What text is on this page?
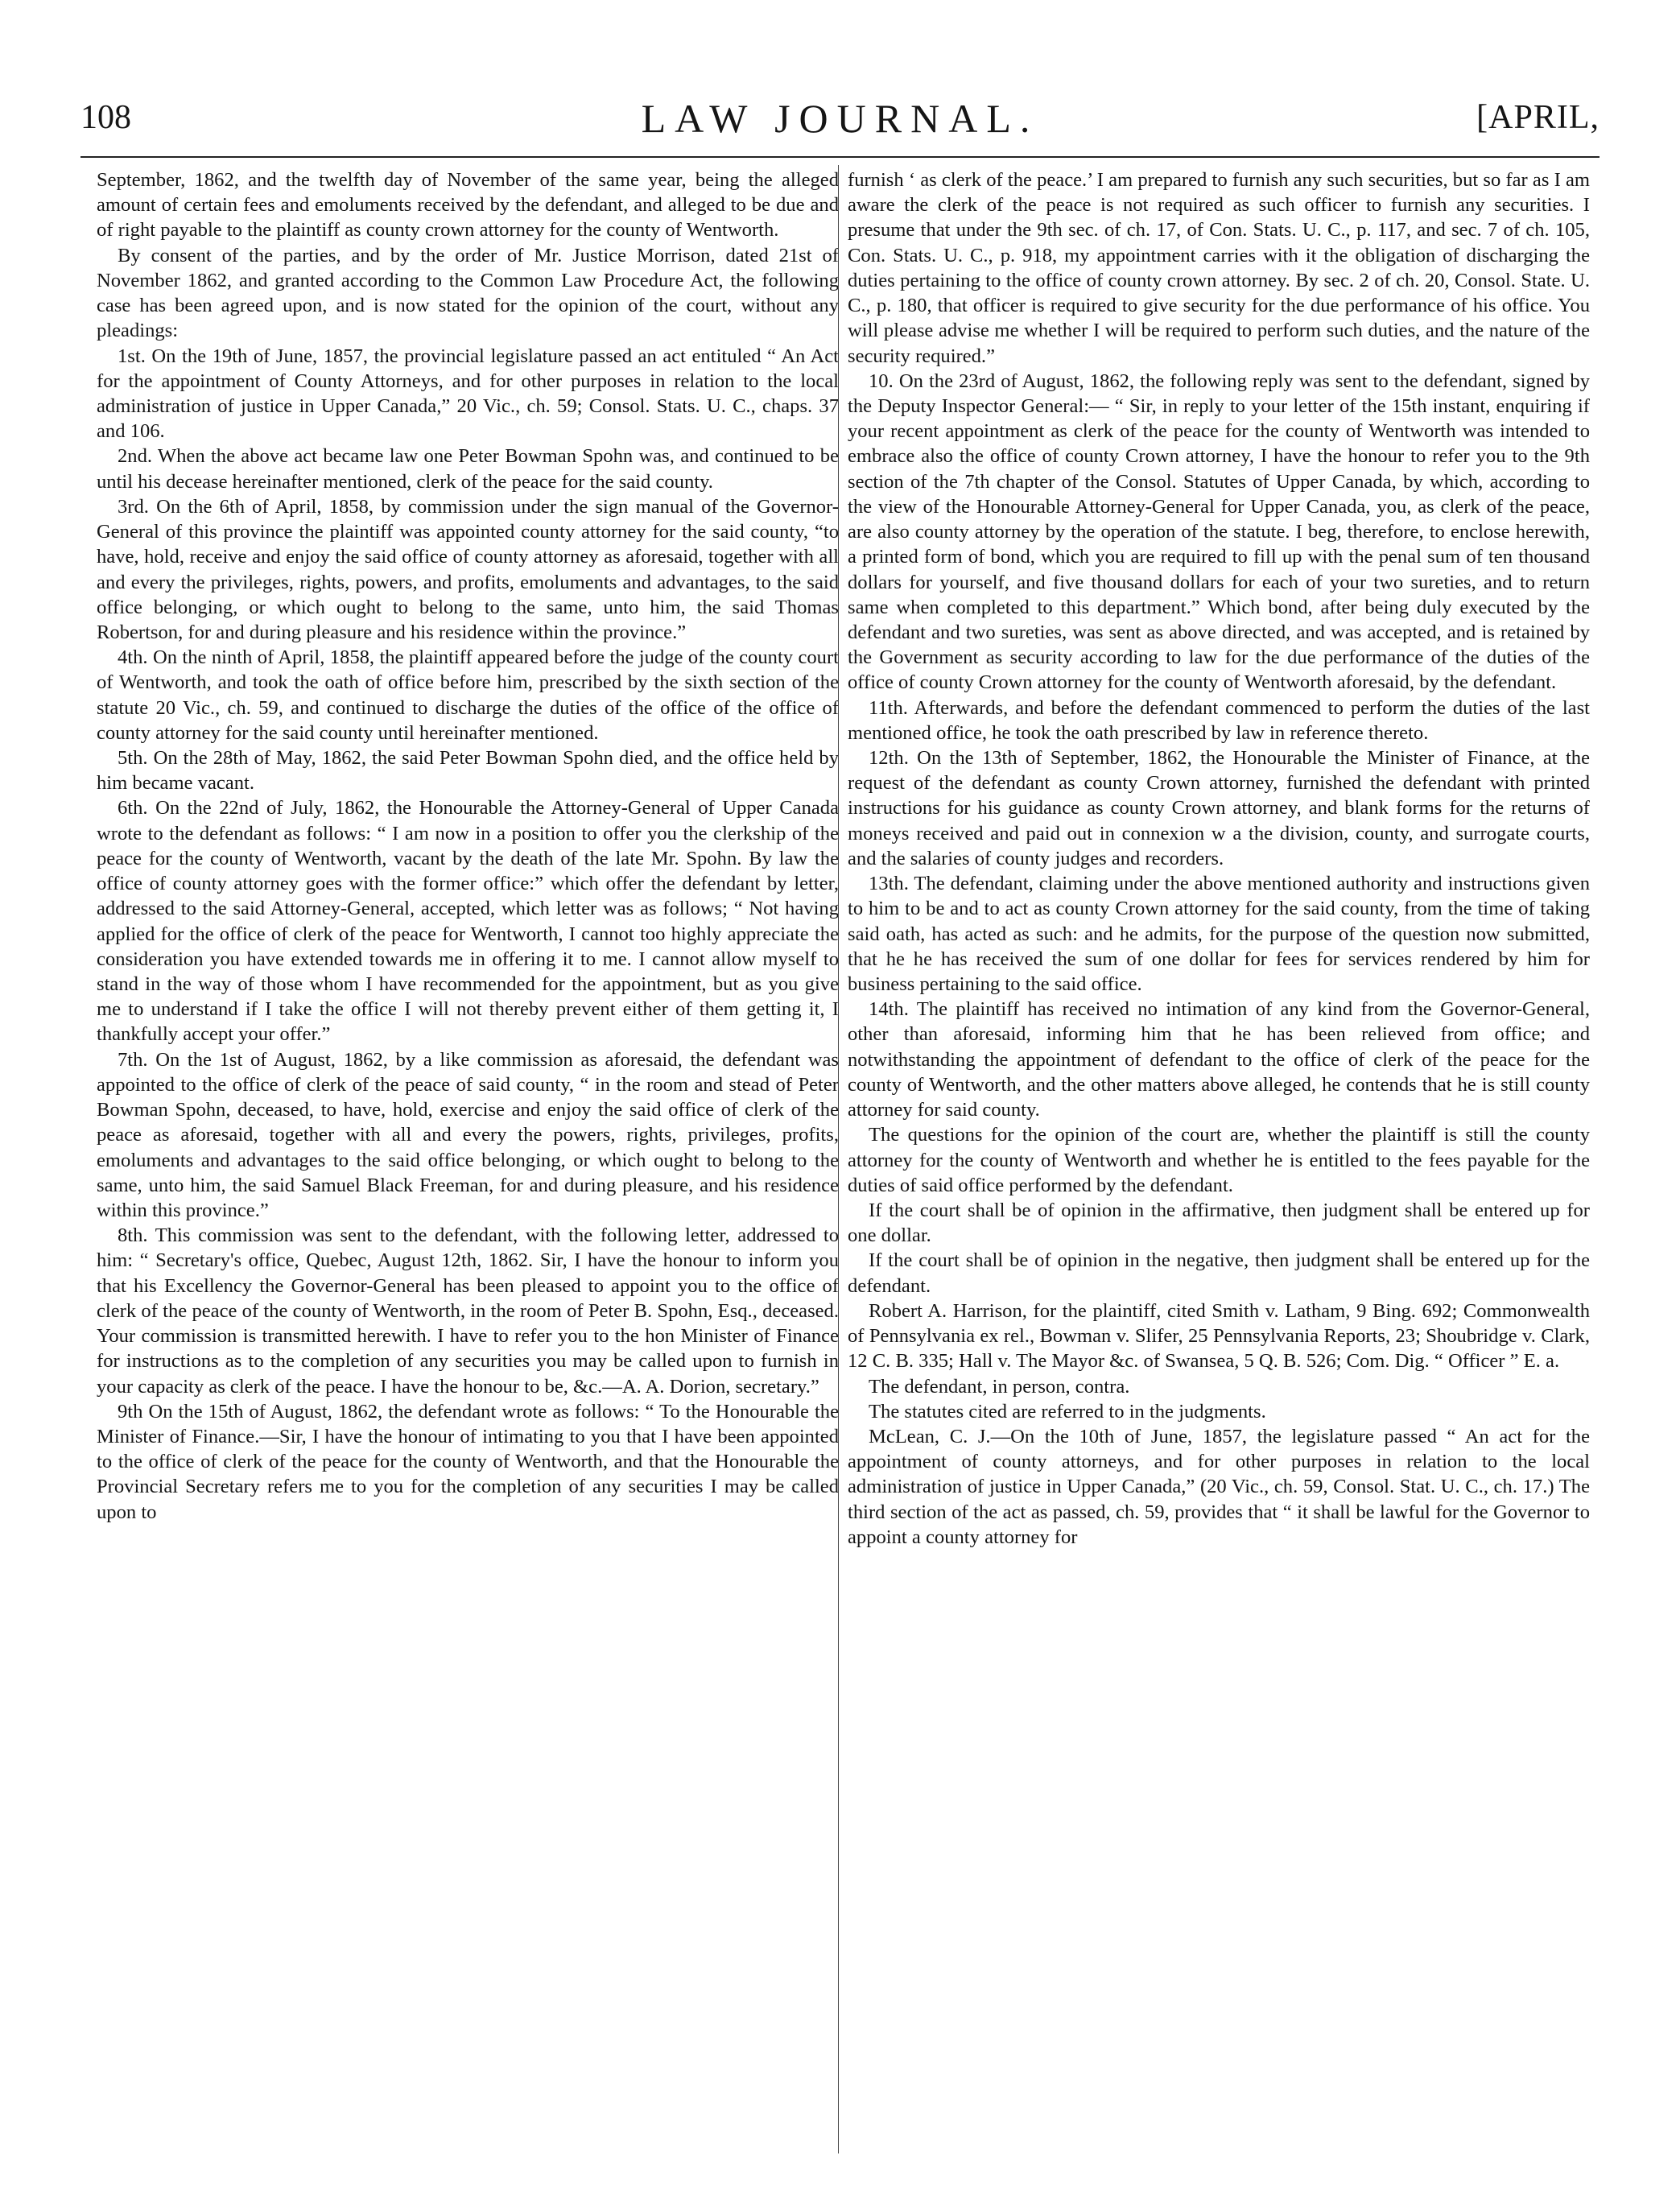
108	LAW JOURNAL.	[APRIL,

September, 1862, and the twelfth day of November of the same year, being the alleged amount of certain fees and emoluments received by the defendant, and alleged to be due and of right payable to the plaintiff as county crown attorney for the county of Wentworth.

By consent of the parties, and by the order of Mr. Justice Morrison, dated 21st of November 1862, and granted according to the Common Law Procedure Act, the following case has been agreed upon, and is now stated for the opinion of the court, without any pleadings:

1st. On the 19th of June, 1857, the provincial legislature passed an act entituled “ An Act for the appointment of County Attorneys, and for other purposes in relation to the local administration of justice in Upper Canada,” 20 Vic., ch. 59; Consol. Stats. U. C., chaps. 37 and 106.

2nd. When the above act became law one Peter Bowman Spohn was, and continued to be until his decease hereinafter mentioned, clerk of the peace for the said county.

3rd. On the 6th of April, 1858, by commission under the sign manual of the Governor-General of this province the plaintiff was appointed county attorney for the said county, “to have, hold, receive and enjoy the said office of county attorney as aforesaid, together with all and every the privileges, rights, powers, and profits, emoluments and advantages, to the said office belonging, or which ought to belong to the same, unto him, the said Thomas Robertson, for and during pleasure and his residence within the province.”

4th. On the ninth of April, 1858, the plaintiff appeared before the judge of the county court of Wentworth, and took the oath of office before him, prescribed by the sixth section of the statute 20 Vic., ch. 59, and continued to discharge the duties of the office of the office of county attorney for the said county until hereinafter mentioned.

5th. On the 28th of May, 1862, the said Peter Bowman Spohn died, and the office held by him became vacant.

6th. On the 22nd of July, 1862, the Honourable the Attorney-General of Upper Canada wrote to the defendant as follows: “ I am now in a position to offer you the clerkship of the peace for the county of Wentworth, vacant by the death of the late Mr. Spohn. By law the office of county attorney goes with the former office:” which offer the defendant by letter, addressed to the said Attorney-General, accepted, which letter was as follows; “ Not having applied for the office of clerk of the peace for Wentworth, I cannot too highly appreciate the consideration you have extended towards me in offering it to me. I cannot allow myself to stand in the way of those whom I have recommended for the appointment, but as you give me to understand if I take the office I will not thereby prevent either of them getting it, I thankfully accept your offer.”

7th. On the 1st of August, 1862, by a like commission as aforesaid, the defendant was appointed to the office of clerk of the peace of said county, “ in the room and stead of Peter Bowman Spohn, deceased, to have, hold, exercise and enjoy the said office of clerk of the peace as aforesaid, together with all and every the powers, rights, privileges, profits, emoluments and advantages to the said office belonging, or which ought to belong to the same, unto him, the said Samuel Black Freeman, for and during pleasure, and his residence within this province.”

8th. This commission was sent to the defendant, with the following letter, addressed to him: “ Secretary's office, Quebec, August 12th, 1862. Sir, I have the honour to inform you that his Excellency the Governor-General has been pleased to appoint you to the office of clerk of the peace of the county of Wentworth, in the room of Peter B. Spohn, Esq., deceased. Your commission is transmitted herewith. I have to refer you to the hon Minister of Finance for instructions as to the completion of any securities you may be called upon to furnish in your capacity as clerk of the peace. I have the honour to be, &c.—A. A. Dorion, secretary.”

9th On the 15th of August, 1862, the defendant wrote as follows: “ To the Honourable the Minister of Finance.—Sir, I have the honour of intimating to you that I have been appointed to the office of clerk of the peace for the county of Wentworth, and that the Honourable the Provincial Secretary refers me to you for the completion of any securities I may be called upon to

furnish ‘ as clerk of the peace.’ I am prepared to furnish any such securities, but so far as I am aware the clerk of the peace is not required as such officer to furnish any securities. I presume that under the 9th sec. of ch. 17, of Con. Stats. U. C., p. 117, and sec. 7 of ch. 105, Con. Stats. U. C., p. 918, my appointment carries with it the obligation of discharging the duties pertaining to the office of county crown attorney. By sec. 2 of ch. 20, Consol. State. U. C., p. 180, that officer is required to give security for the due performance of his office. You will please advise me whether I will be required to perform such duties, and the nature of the security required.”

10. On the 23rd of August, 1862, the following reply was sent to the defendant, signed by the Deputy Inspector General:— “ Sir, in reply to your letter of the 15th instant, enquiring if your recent appointment as clerk of the peace for the county of Wentworth was intended to embrace also the office of county Crown attorney, I have the honour to refer you to the 9th section of the 7th chapter of the Consol. Statutes of Upper Canada, by which, according to the view of the Honourable Attorney-General for Upper Canada, you, as clerk of the peace, are also county attorney by the operation of the statute. I beg, therefore, to enclose herewith, a printed form of bond, which you are required to fill up with the penal sum of ten thousand dollars for yourself, and five thousand dollars for each of your two sureties, and to return same when completed to this department.” Which bond, after being duly executed by the defendant and two sureties, was sent as above directed, and was accepted, and is retained by the Government as security according to law for the due performance of the duties of the office of county Crown attorney for the county of Wentworth aforesaid, by the defendant.

11th. Afterwards, and before the defendant commenced to perform the duties of the last mentioned office, he took the oath prescribed by law in reference thereto.

12th. On the 13th of September, 1862, the Honourable the Minister of Finance, at the request of the defendant as county Crown attorney, furnished the defendant with printed instructions for his guidance as county Crown attorney, and blank forms for the returns of moneys received and paid out in connexion w a the division, county, and surrogate courts, and the salaries of county judges and recorders.

13th. The defendant, claiming under the above mentioned authority and instructions given to him to be and to act as county Crown attorney for the said county, from the time of taking said oath, has acted as such: and he admits, for the purpose of the question now submitted, that he he has received the sum of one dollar for fees for services rendered by him for business pertaining to the said office.

14th. The plaintiff has received no intimation of any kind from the Governor-General, other than aforesaid, informing him that he has been relieved from office; and notwithstanding the appointment of defendant to the office of clerk of the peace for the county of Wentworth, and the other matters above alleged, he contends that he is still county attorney for said county.

The questions for the opinion of the court are, whether the plaintiff is still the county attorney for the county of Wentworth and whether he is entitled to the fees payable for the duties of said office performed by the defendant.

If the court shall be of opinion in the affirmative, then judgment shall be entered up for one dollar.

If the court shall be of opinion in the negative, then judgment shall be entered up for the defendant.

Robert A. Harrison, for the plaintiff, cited Smith v. Latham, 9 Bing. 692; Commonwealth of Pennsylvania ex rel., Bowman v. Slifer, 25 Pennsylvania Reports, 23; Shoubridge v. Clark, 12 C. B. 335; Hall v. The Mayor &c. of Swansea, 5 Q. B. 526; Com. Dig. “ Officer ” E. a.

The defendant, in person, contra.

The statutes cited are referred to in the judgments.

McLean, C. J.—On the 10th of June, 1857, the legislature passed “ An act for the appointment of county attorneys, and for other purposes in relation to the local administration of justice in Upper Canada,” (20 Vic., ch. 59, Consol. Stat. U. C., ch. 17.) The third section of the act as passed, ch. 59, provides that “ it shall be lawful for the Governor to appoint a county attorney for
